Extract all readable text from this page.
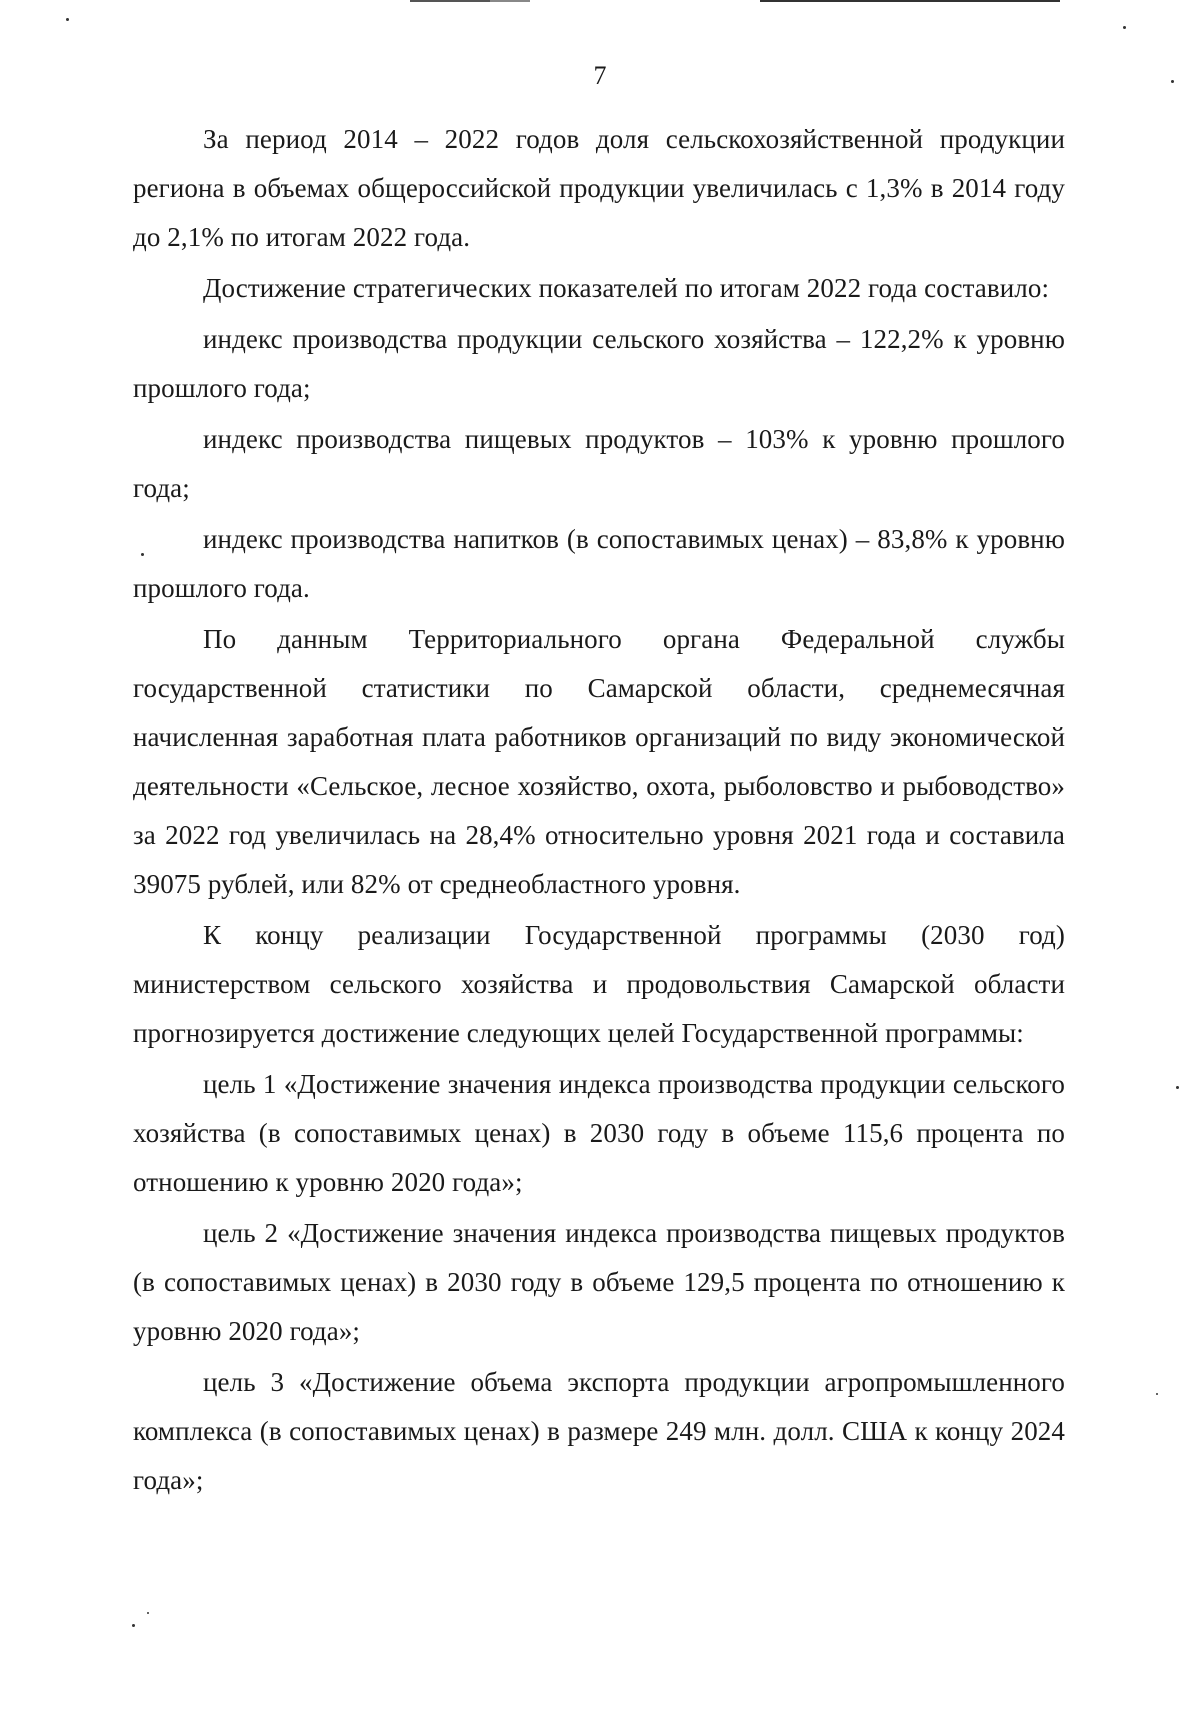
7

За период 2014 – 2022 годов доля сельскохозяйственной продукции региона в объемах общероссийской продукции увеличилась с 1,3% в 2014 году до 2,1% по итогам 2022 года.

Достижение стратегических показателей по итогам 2022 года составило:

индекс производства продукции сельского хозяйства – 122,2% к уровню прошлого года;

индекс производства пищевых продуктов – 103% к уровню прошлого года;

индекс производства напитков (в сопоставимых ценах) – 83,8% к уровню прошлого года.

По данным Территориального органа Федеральной службы государственной статистики по Самарской области, среднемесячная начисленная заработная плата работников организаций по виду экономической деятельности «Сельское, лесное хозяйство, охота, рыболовство и рыбоводство» за 2022 год увеличилась на 28,4% относительно уровня 2021 года и составила 39075 рублей, или 82% от среднеобластного уровня.

К концу реализации Государственной программы (2030 год) министерством сельского хозяйства и продовольствия Самарской области прогнозируется достижение следующих целей Государственной программы:

цель 1 «Достижение значения индекса производства продукции сельского хозяйства (в сопоставимых ценах) в 2030 году в объеме 115,6 процента по отношению к уровню 2020 года»;

цель 2 «Достижение значения индекса производства пищевых продуктов (в сопоставимых ценах) в 2030 году в объеме 129,5 процента по отношению к уровню 2020 года»;

цель 3 «Достижение объема экспорта продукции агропромышленного комплекса (в сопоставимых ценах) в размере 249 млн. долл. США к концу 2024 года»;
